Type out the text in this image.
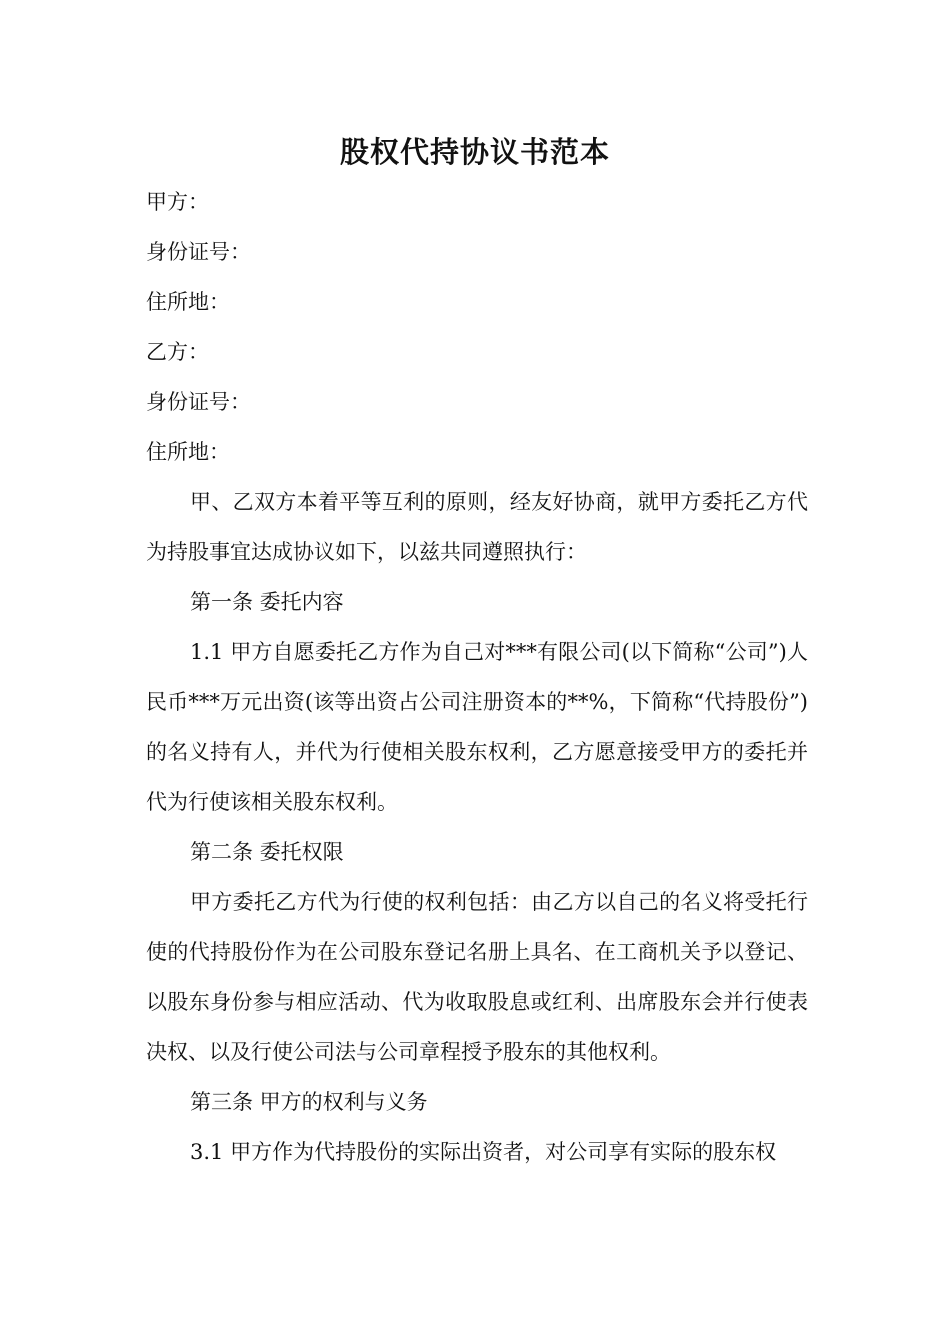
股权代持协议书范本

甲方：

身份证号：

住所地：

乙方：

身份证号：

住所地：

甲、乙双方本着平等互利的原则，经友好协商，就甲方委托乙方代为持股事宜达成协议如下，以兹共同遵照执行：

第一条 委托内容

1.1 甲方自愿委托乙方作为自己对***有限公司(以下简称“公司”)人民币***万元出资(该等出资占公司注册资本的**%，下简称“代持股份”)的名义持有人，并代为行使相关股东权利，乙方愿意接受甲方的委托并代为行使该相关股东权利。

第二条 委托权限

甲方委托乙方代为行使的权利包括：由乙方以自己的名义将受托行使的代持股份作为在公司股东登记名册上具名、在工商机关予以登记、以股东身份参与相应活动、代为收取股息或红利、出席股东会并行使表决权、以及行使公司法与公司章程授予股东的其他权利。

第三条 甲方的权利与义务

3.1 甲方作为代持股份的实际出资者，对公司享有实际的股东权
